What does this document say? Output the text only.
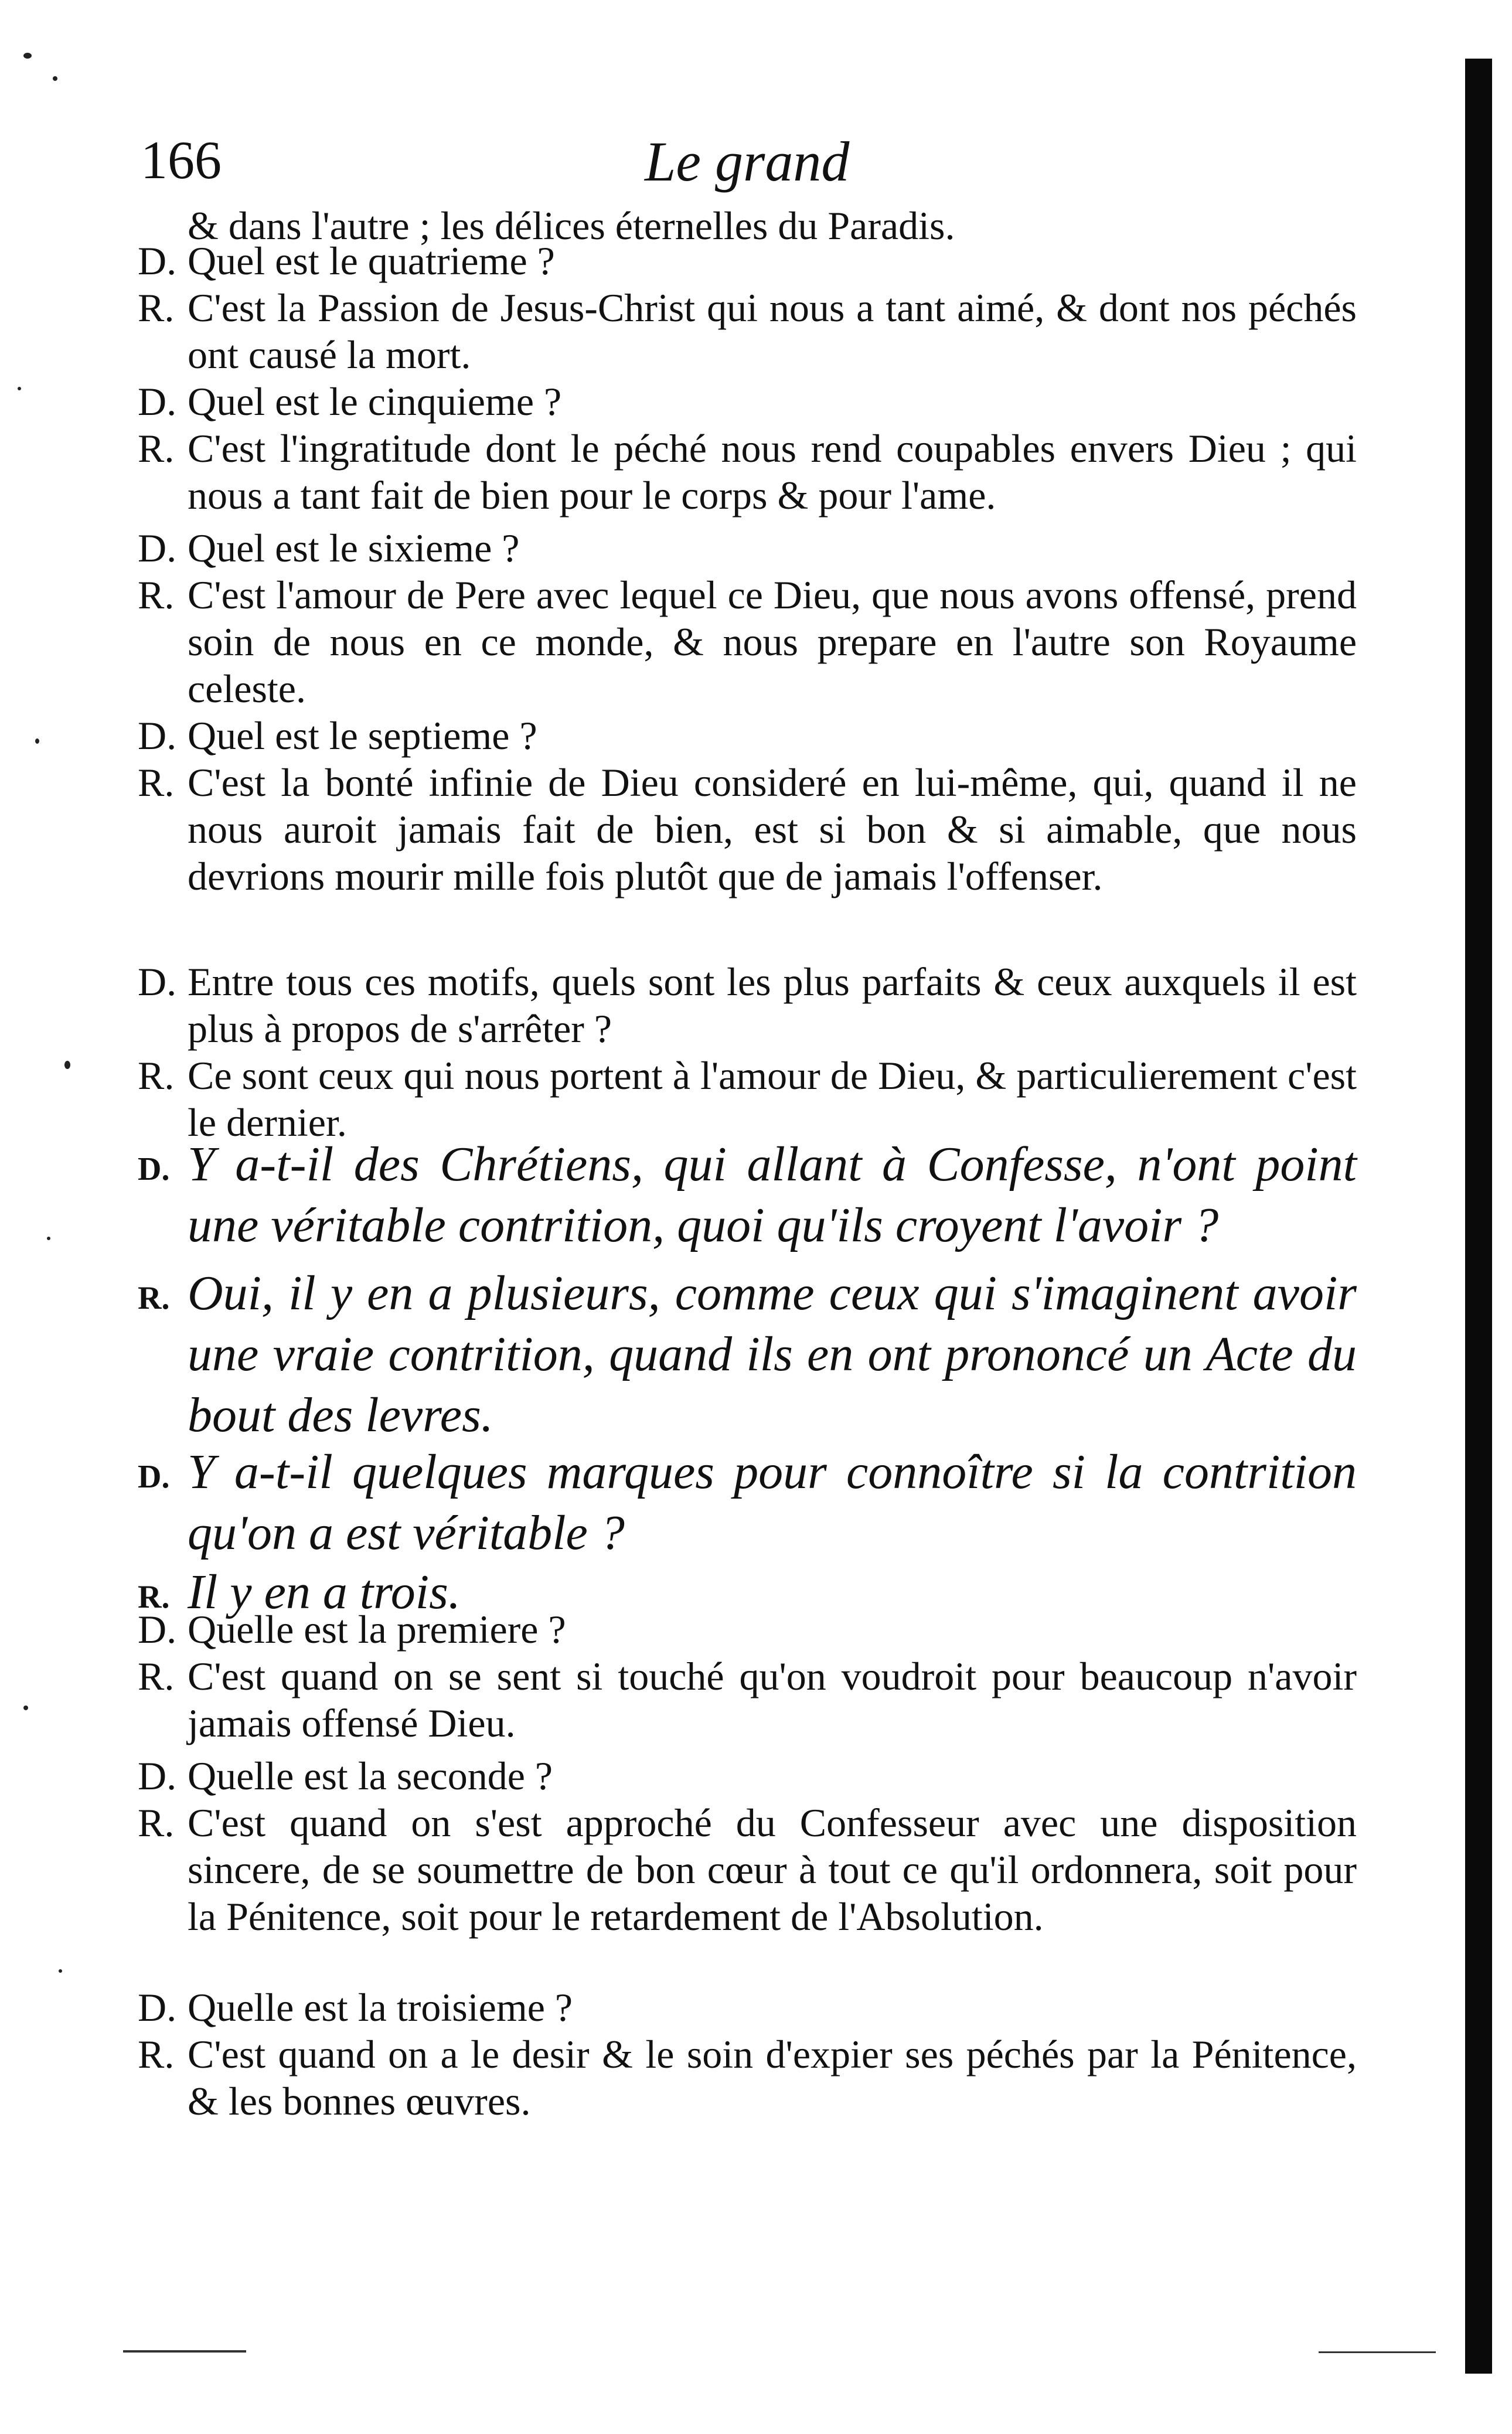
166	Le grand
& dans l'autre ; les délices éternelles du Paradis.
D. Quel est le quatrieme ?
R. C'est la Passion de Jesus-Christ qui nous a tant aimé, & dont nos péchés ont causé la mort.
D. Quel est le cinquieme ?
R. C'est l'ingratitude dont le péché nous rend coupables envers Dieu ; qui nous a tant fait de bien pour le corps & pour l'ame.
D. Quel est le sixieme ?
R. C'est l'amour de Pere avec lequel ce Dieu, que nous avons offensé, prend soin de nous en ce monde, & nous prepare en l'autre son Royaume celeste.
D. Quel est le septieme ?
R. C'est la bonté infinie de Dieu consideré en lui-même, qui, quand il ne nous auroit jamais fait de bien, est si bon & si aimable, que nous devrions mourir mille fois plutôt que de jamais l'offenser.
D. Entre tous ces motifs, quels sont les plus parfaits & ceux auxquels il est plus à propos de s'arrêter ?
R. Ce sont ceux qui nous portent à l'amour de Dieu, & particulierement c'est le dernier.
D. Y a-t-il des Chrétiens, qui allant à Confesse, n'ont point une véritable contrition, quoi qu'ils croyent l'avoir ?
R. Oui, il y en a plusieurs, comme ceux qui s'imaginent avoir une vraie contrition, quand ils en ont prononcé un Acte du bout des levres.
D. Y a-t-il quelques marques pour connoître si la contrition qu'on a est véritable ?
R. Il y en a trois.
D. Quelle est la premiere ?
R. C'est quand on se sent si touché qu'on voudroit pour beaucoup n'avoir jamais offensé Dieu.
D. Quelle est la seconde ?
R. C'est quand on s'est approché du Confesseur avec une disposition sincere, de se soumettre de bon cœur à tout ce qu'il ordonnera, soit pour la Pénitence, soit pour le retardement de l'Absolution.
D. Quelle est la troisieme ?
R. C'est quand on a le desir & le soin d'expier ses péchés par la Pénitence, & les bonnes œuvres.
